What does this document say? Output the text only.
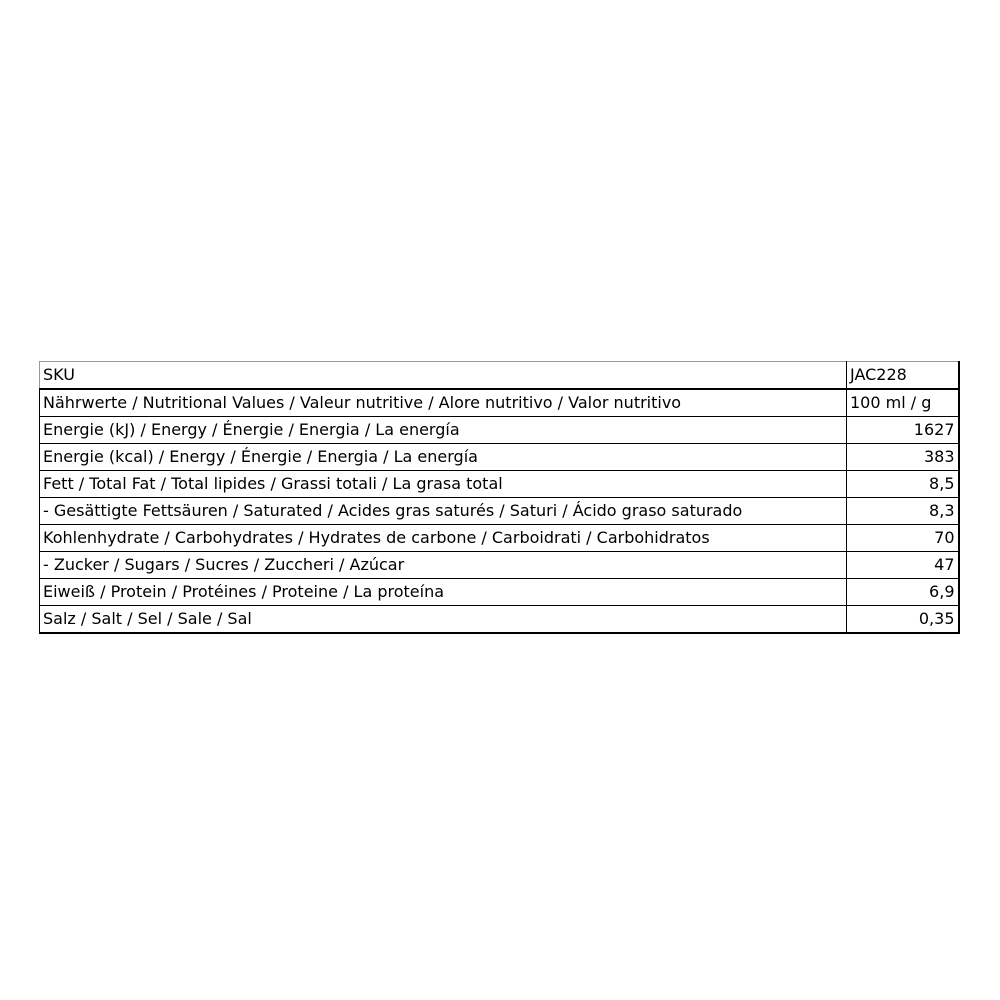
SKU	JAC228
Nährwerte / Nutritional Values / Valeur nutritive / Alore nutritivo / Valor nutritivo	100 ml / g
Energie (kJ) / Energy / Énergie / Energia / La energía	1627
Energie (kcal) / Energy / Énergie / Energia / La energía	383
Fett / Total Fat / Total lipides / Grassi totali / La grasa total	8,5
- Gesättigte Fettsäuren / Saturated / Acides gras saturés / Saturi / Ácido graso saturado	8,3
Kohlenhydrate / Carbohydrates / Hydrates de carbone / Carboidrati / Carbohidratos	70
- Zucker / Sugars / Sucres / Zuccheri / Azúcar	47
Eiweiß / Protein / Protéines / Proteine / La proteína	6,9
Salz / Salt / Sel / Sale / Sal	0,35
